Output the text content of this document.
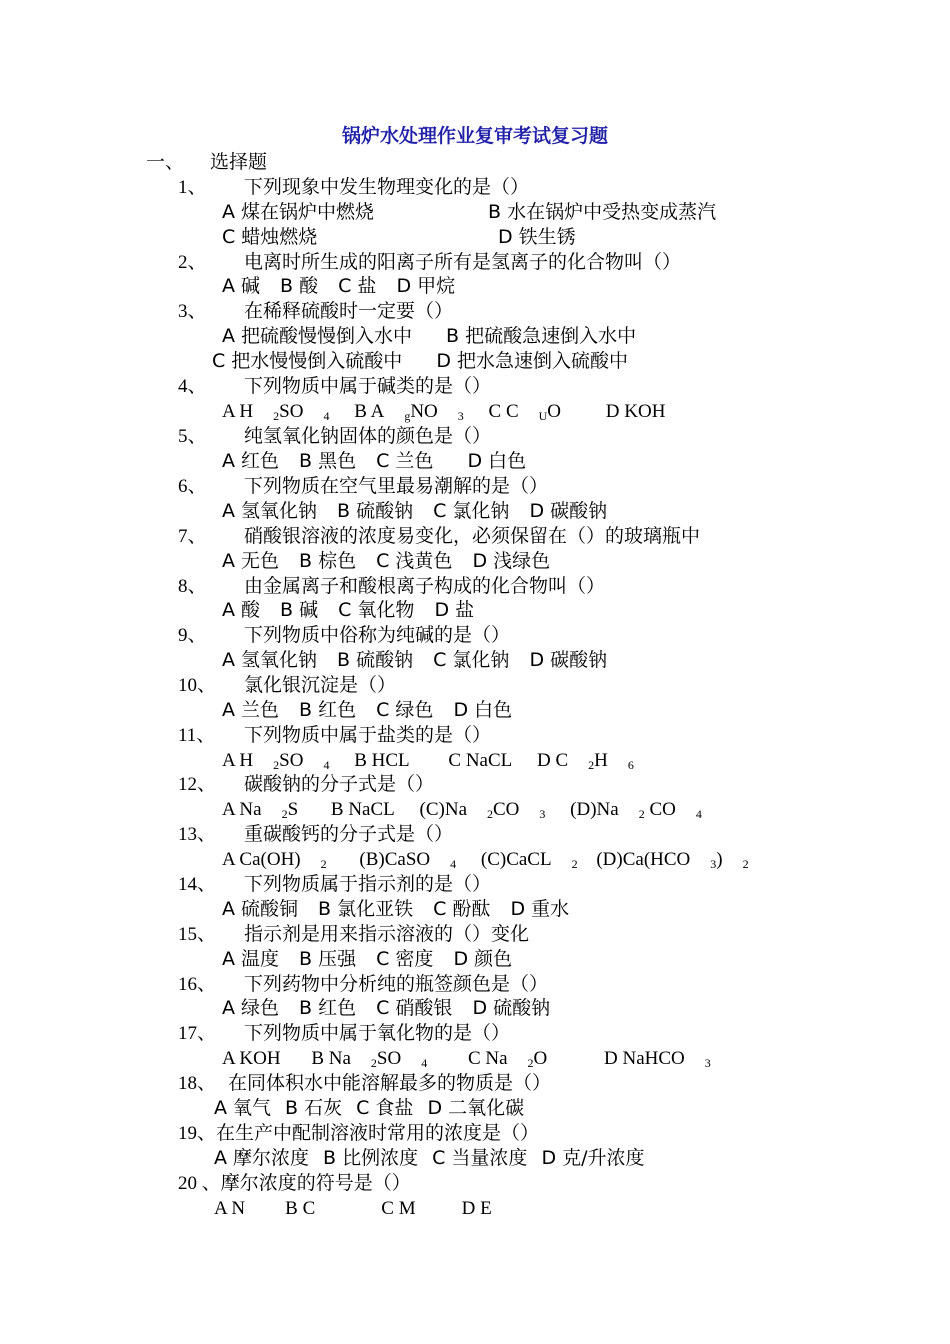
锅炉水处理作业复审考试复习题
一、 选择题
1、 下列现象中发生物理变化的是（）
A 煤在锅炉中燃烧	B 水在锅炉中受热变成蒸汽
C 蜡烛燃烧	D 铁生锈
2、 电离时所生成的阳离子所有是氢离子的化合物叫（）
A 碱 B 酸 C 盐 D 甲烷
3、 在稀释硫酸时一定要（）
A 把硫酸慢慢倒入水中 B 把硫酸急速倒入水中
C 把水慢慢倒入硫酸中 D 把水急速倒入硫酸中
4、 下列物质中属于碱类的是（）
A H $_2$SO $_4$ B A $_g$NO $_3$ C C $_U$O D KOH
5、 纯氢氧化钠固体的颜色是（）
A 红色 B 黑色 C 兰色 D 白色
6、 下列物质在空气里最易潮解的是（）
A 氢氧化钠 B 硫酸钠 C 氯化钠 D 碳酸钠
7、 硝酸银溶液的浓度易变化，必须保留在（）的玻璃瓶中
A 无色 B 棕色 C 浅黄色 D 浅绿色
8、 由金属离子和酸根离子构成的化合物叫（）
A 酸 B 碱 C 氧化物 D 盐
9、 下列物质中俗称为纯碱的是（）
A 氢氧化钠 B 硫酸钠 C 氯化钠 D 碳酸钠
10、 氯化银沉淀是（）
A 兰色 B 红色 C 绿色 D 白色
11、 下列物质中属于盐类的是（）
A H $_2$SO $_4$ B HCL C NaCL D C $_2$H $_6$
12、 碳酸钠的分子式是（）
A Na $_2$S B NaCL (C)Na $_2$CO $_3$ (D)Na $_2$ CO $_4$
13、 重碳酸钙的分子式是（）
A Ca(OH) $_2$ (B)CaSO $_4$ (C)CaCL $_2$ (D)Ca(HCO $_3$) $_2$
14、 下列物质属于指示剂的是（）
A 硫酸铜 B 氯化亚铁 C 酚酞 D 重水
15、 指示剂是用来指示溶液的（）变化
A 温度 B 压强 C 密度 D 颜色
16、 下列药物中分析纯的瓶签颜色是（）
A 绿色 B 红色 C 硝酸银 D 硫酸钠
17、 下列物质中属于氧化物的是（）
A KOH B Na $_2$SO $_4$ C Na $_2$O	D NaHCO $_3$
18、 在同体积水中能溶解最多的物质是（）
A 氧气 B 石灰 C 食盐 D 二氧化碳
19、在生产中配制溶液时常用的浓度是（）
A 摩尔浓度 B 比例浓度 C 当量浓度 D 克/升浓度
20 、摩尔浓度的符号是（）
A N B C	C M D E
